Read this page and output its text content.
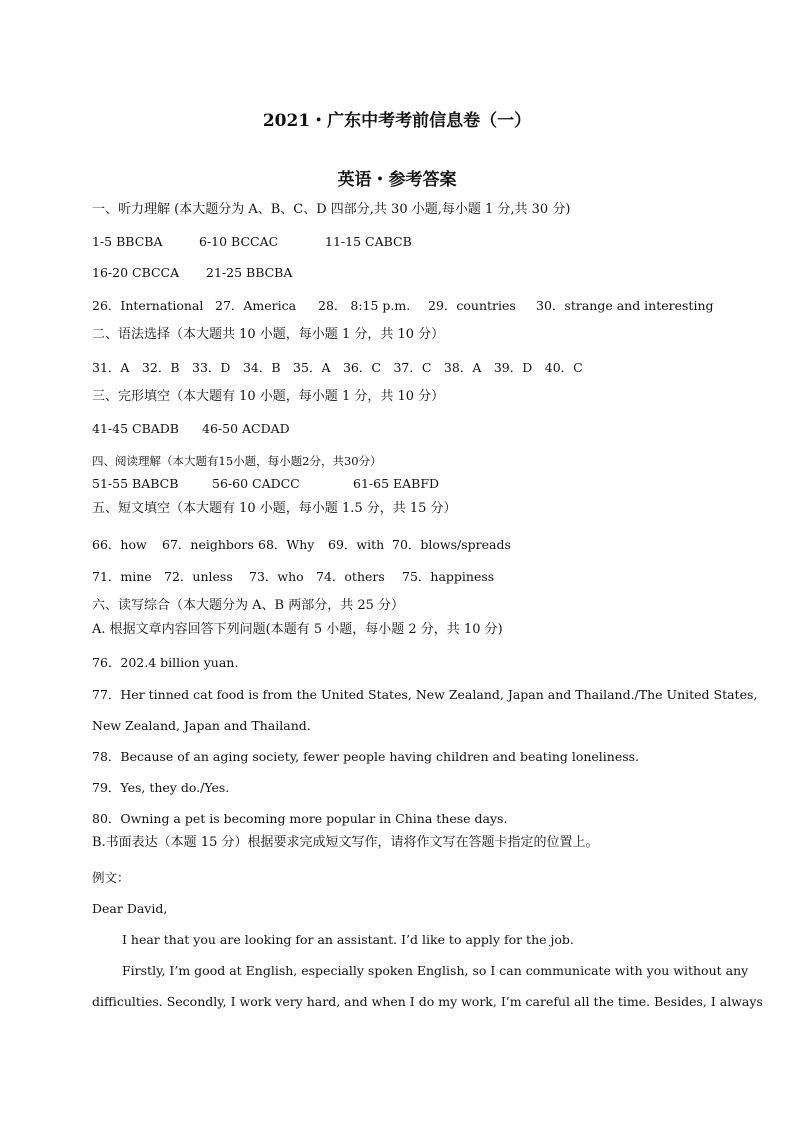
2021・广东中考考前信息卷（一）
英语・参考答案
一、听力理解 (本大题分为 A、B、C、D 四部分,共 30 小题,每小题 1 分,共 30 分)
1-5 BBCBA	6-10 BCCAC	11-15 CABCB
16-20 CBCCA 21-25 BBCBA
26．International 27．America 28． 8:15 p.m. 29．countries 30．strange and interesting
二、语法选择（本大题共 10 小题，每小题 1 分，共 10 分）
31．A　32．B　33．D　34．B　35．A　36．C　37．C　38．A　39．D　40．C
三、完形填空（本大题有 10 小题，每小题 1 分，共 10 分）
41-45 CBADB 46-50 ACDAD
四、阅读理解（本大题有15小题，每小题2分，共30分）
51-55 BABCB	56-60 CADCC	61-65 EABFD
五、短文填空（本大题有 10 小题，每小题 1.5 分，共 15 分）
66．how 67．neighbors 68．Why 69．with 70．blows/spreads
71．mine 72．unless 73．who 74．others 75．happiness
六、读写综合（本大题分为 A、B 两部分，共 25 分）
A. 根据文章内容回答下列问题(本题有 5 小题，每小题 2 分，共 10 分)
76．202.4 billion yuan.
77．Her tinned cat food is from the United States, New Zealand, Japan and Thailand./The United States,
New Zealand, Japan and Thailand.
78．Because of an aging society, fewer people having children and beating loneliness.
79．Yes, they do./Yes.
80．Owning a pet is becoming more popular in China these days.
B.书面表达（本题 15 分）根据要求完成短文写作，请将作文写在答题卡指定的位置上。
例文：
Dear David,
I hear that you are looking for an assistant. I’d like to apply for the job.
Firstly, I’m good at English, especially spoken English, so I can communicate with you without any
difficulties. Secondly, I work very hard, and when I do my work, I’m careful all the time. Besides, I always
